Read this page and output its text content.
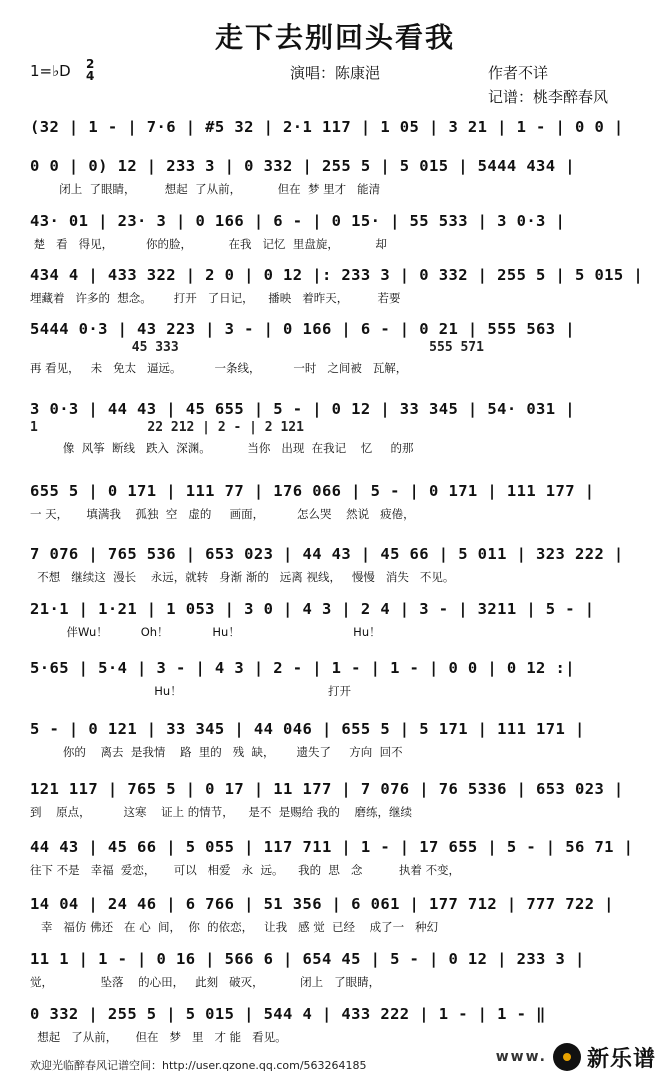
走下去别回头看我
1=♭D 2
4	演唱：陈康浥	作者不详
记谱：桃李醉春风
(32 | 1 - | 7·6 | #5 32 | 2·1 117 | 1 05 | 3 21 | 1 - | 0 0 |
0 0 | 0) 12 | 233 3 | 0 332 | 255 5 | 5 015 | 5444 434 |
闭上  了眼睛，        想起  了从前，          但在  梦 里才   能清
43· 01 | 23· 3 | 0 166 | 6 - | 0 15· | 55 533 | 3 0·3 |
楚   看   得见，         你的脸，          在我   记忆  里盘旋，          却
434 4 | 433 322 | 2 0 | 0 12 |: 233 3 | 0 332 | 255 5 | 5 015 |
埋藏着   许多的  想念。      打开   了日记，    播映   着昨天，        若要
5444 0·3 | 43 223 | 3 - | 0 166 | 6 - | 0 21 | 555 563 |
45 333                                555 571
再 看见，   未   免太   逼远。         一条线，         一时   之间被   瓦解，
3 0·3 | 44 43 | 45 655 | 5 - | 0 12 | 33 345 | 54· 031 |
1              22 212 | 2 - | 2 121
像  风筝  断线   跌入  深渊。          当你   出现  在我记    忆     的那
655 5 | 0 171 | 111 77 | 176 066 | 5 - | 0 171 | 111 177 |
一 天，     填满我    孤独  空   虚的     画面，         怎么哭    然说   疲倦，
7 076 | 765 536 | 653 023 | 44 43 | 45 66 | 5 011 | 323 222 |
不想   继续这  漫长    永远，就转   身渐 渐的   远离 视线，   慢慢   消失   不见。
21·1 | 1·21 | 1 053 | 3 0 | 4 3 | 2 4 | 3 - | 3211 | 5 - |
伴Wu！         Oh！            Hu！                               Hu！
5·65 | 5·4 | 3 - | 4 3 | 2 - | 1 - | 1 - | 0 0 | 0 12 :|
Hu！                                        打开
5 - | 0 121 | 33 345 | 44 046 | 655 5 | 5 171 | 111 171 |
你的    离去  是我情    路  里的   残  缺，      遗失了     方向  回不
121 117 | 765 5 | 0 17 | 11 177 | 7 076 | 76 5336 | 653 023 |
到    原点，         这寒    证上 的情节，    是不  是赐给 我的    磨练，继续
44 43 | 45 66 | 5 055 | 117 711 | 1 - | 17 655 | 5 - | 56 71 |
往下 不是   幸福  爱恋，     可以   相爱   永  远。    我的  思   念          执着 不变，
14 04 | 24 46 | 6 766 | 51 356 | 6 061 | 177 712 | 777 722 |
幸   福仿 佛还   在 心  间，  你  的依恋，   让我   感 觉  已经    成了一   种幻
11 1 | 1 - | 0 16 | 566 6 | 654 45 | 5 - | 0 12 | 233 3 |
觉，             坠落    的心田，   此刻   破灭，          闭上   了眼睛，
0 332 | 255 5 | 5 015 | 544 4 | 433 222 | 1 - | 1 - ‖
想起   了从前，     但在   梦   里   才 能   看见。
欢迎光临醉春风记谱空间：http://user.qzone.qq.com/563264185
www. 新乐谱
